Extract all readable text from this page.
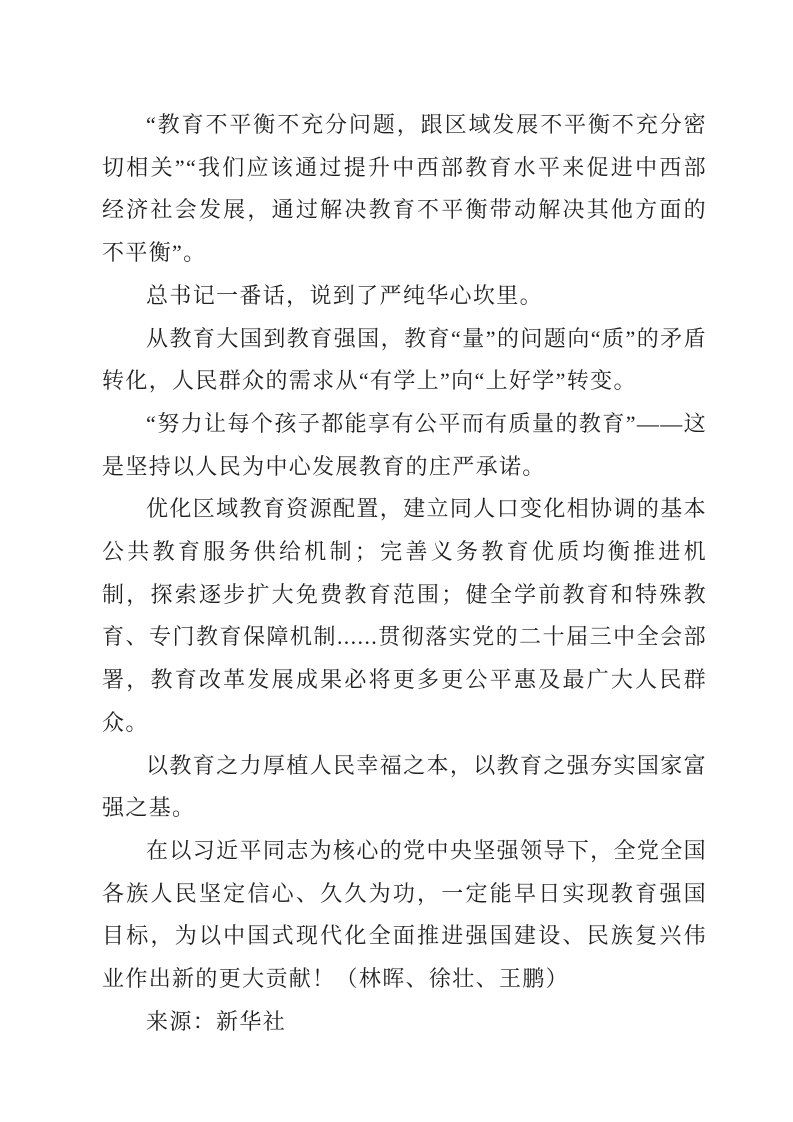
“教育不平衡不充分问题，跟区域发展不平衡不充分密切相关”“我们应该通过提升中西部教育水平来促进中西部经济社会发展，通过解决教育不平衡带动解决其他方面的不平衡”。

总书记一番话，说到了严纯华心坎里。

从教育大国到教育强国，教育“量”的问题向“质”的矛盾转化，人民群众的需求从“有学上”向“上好学”转变。

“努力让每个孩子都能享有公平而有质量的教育”——这是坚持以人民为中心发展教育的庄严承诺。

优化区域教育资源配置，建立同人口变化相协调的基本公共教育服务供给机制；完善义务教育优质均衡推进机制，探索逐步扩大免费教育范围；健全学前教育和特殊教育、专门教育保障机制......贯彻落实党的二十届三中全会部署，教育改革发展成果必将更多更公平惠及最广大人民群众。

以教育之力厚植人民幸福之本，以教育之强夯实国家富强之基。

在以习近平同志为核心的党中央坚强领导下，全党全国各族人民坚定信心、久久为功，一定能早日实现教育强国目标，为以中国式现代化全面推进强国建设、民族复兴伟业作出新的更大贡献！（林晖、徐壮、王鹏）

来源：新华社
